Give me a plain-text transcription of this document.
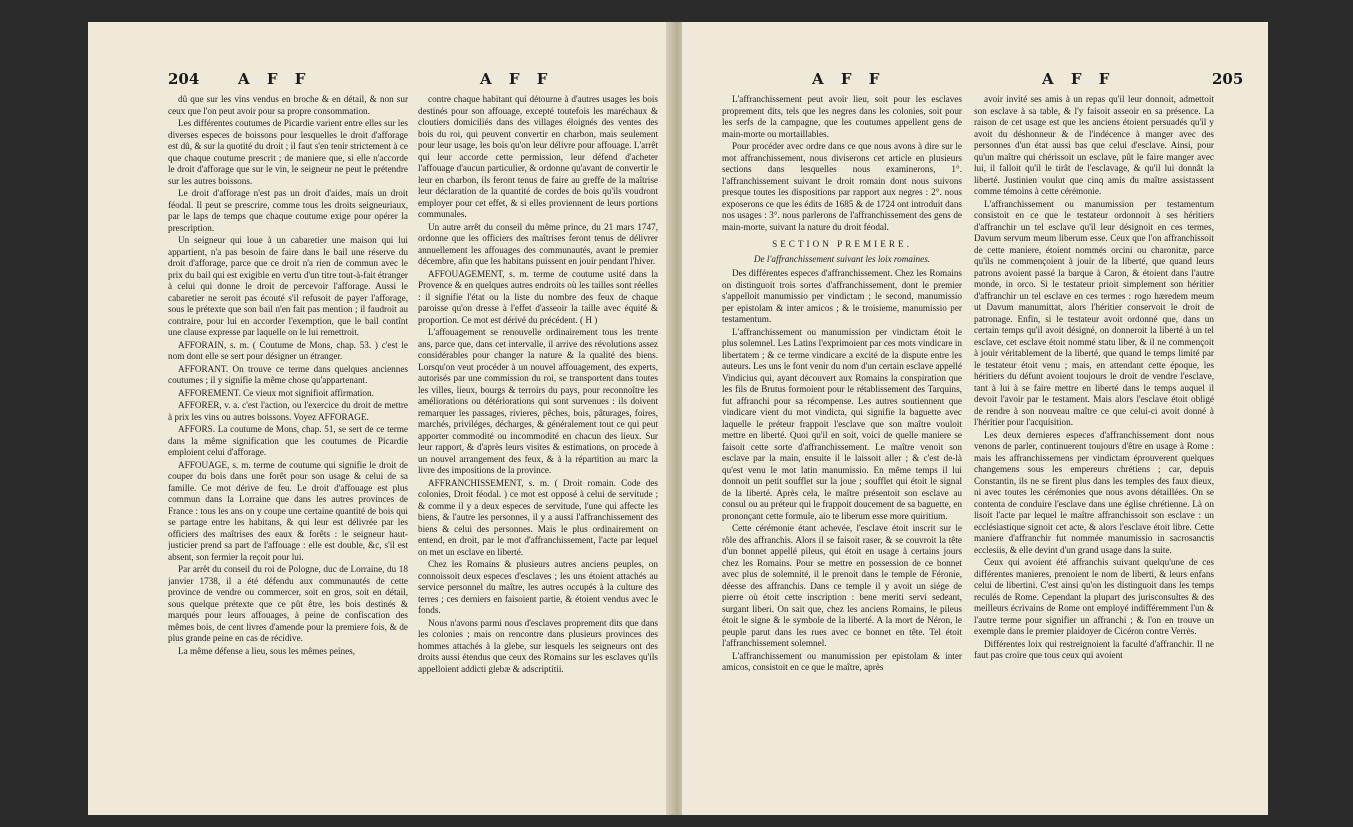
204	A F F	A F F

dû que sur les vins vendus en broche & en détail, & non sur ceux que l'on peut avoir pour sa propre consommation.

Les différentes coutumes de Picardie varient entre elles sur les diverses especes de boissons pour lesquelles le droit d'afforage est dû, & sur la quotité du droit ; il faut s'en tenir strictement à ce que chaque coutume prescrit ; de maniere que, si elle n'accorde le droit d'afforage que sur le vin, le seigneur ne peut le prétendre sur les autres boissons.

Le droit d'afforage n'est pas un droit d'aides, mais un droit féodal. Il peut se prescrire, comme tous les droits seigneuriaux, par le laps de temps que chaque coutume exige pour opérer la prescription.

Un seigneur qui loue à un cabaretier une maison qui lui appartient, n'a pas besoin de faire dans le bail une réserve du droit d'afforage, parce que ce droit n'a rien de commun avec le prix du bail qui est exigible en vertu d'un titre tout-à-fait étranger à celui qui donne le droit de percevoir l'afforage. Aussi le cabaretier ne seroit pas écouté s'il refusoit de payer l'afforage, sous le prétexte que son bail n'en fait pas mention ; il faudroit au contraire, pour lui en accorder l'exemption, que le bail contînt une clause expresse par laquelle on le lui remettroit.

AFFORAIN, s. m. ( Coutume de Mons, chap. 53. ) c'est le nom dont elle se sert pour désigner un étranger.

AFFORANT. On trouve ce terme dans quelques anciennes coutumes ; il y signifie la même chose qu'appartenant.

AFFOREMENT. Ce vieux mot signifioit affirmation.

AFFORER, v. a. c'est l'action, ou l'exercice du droit de mettre à prix les vins ou autres boissons. Voyez AFFORAGE.

AFFORS. La coutume de Mons, chap. 51, se sert de ce terme dans la même signification que les coutumes de Picardie emploient celui d'afforage.

AFFOUAGE, s. m. terme de coutume qui signifie le droit de couper du bois dans une forêt pour son usage & celui de sa famille. Ce mot dérive de feu. Le droit d'affouage est plus commun dans la Lorraine que dans les autres provinces de France : tous les ans on y coupe une certaine quantité de bois qui se partage entre les habitans, & qui leur est délivrée par les officiers des maîtrises des eaux & forêts : le seigneur haut-justicier prend sa part de l'affouage : elle est double, &c, s'il est absent, son fermier la reçoit pour lui.

Par arrêt du conseil du roi de Pologne, duc de Lorraine, du 18 janvier 1738, il a été défendu aux communautés de cette province de vendre ou commercer, soit en gros, soit en détail, sous quelque prétexte que ce pût être, les bois destinés & marqués pour leurs affouages, à peine de confiscation des mêmes bois, de cent livres d'amende pour la premiere fois, & de plus grande peine en cas de récidive.

La même défense a lieu, sous les mêmes peines,

contre chaque habitant qui détourne à d'autres usages les bois destinés pour son affouage, excepté toutefois les maréchaux & cloutiers domiciliés dans des villages éloignés des ventes des bois du roi, qui peuvent convertir en charbon, mais seulement pour leur usage, les bois qu'on leur délivre pour affouage. L'arrêt qui leur accorde cette permission, leur défend d'acheter l'affouage d'aucun particulier, & ordonne qu'avant de convertir le leur en charbon, ils feront tenus de faire au greffe de la maîtrise leur déclaration de la quantité de cordes de bois qu'ils voudront employer pour cet effet, & si elles proviennent de leurs portions communales.

Un autre arrêt du conseil du même prince, du 21 mars 1747, ordonne que les officiers des maîtrises feront tenus de délivrer annuellement les affouages des communautés, avant le premier décembre, afin que les habitans puissent en jouir pendant l'hiver.

AFFOUAGEMENT, s. m. terme de coutume usité dans la Provence & en quelques autres endroits où les tailles sont réelles : il signifie l'état ou la liste du nombre des feux de chaque paroisse qu'on dresse à l'effet d'asseoir la taille avec équité & proportion. Ce mot est dérivé du précédent. ( H )

L'affouagement se renouvelle ordinairement tous les trente ans, parce que, dans cet intervalle, il arrive des révolutions assez considérables pour changer la nature & la qualité des biens. Lorsqu'on veut procéder à un nouvel affouagement, des experts, autorisés par une commission du roi, se transportent dans toutes les villes, lieux, bourgs & terroirs du pays, pour reconnoître les améliorations ou détériorations qui sont survenues : ils doivent remarquer les passages, rivieres, pêches, bois, pâturages, foires, marchés, priviléges, décharges, & généralement tout ce qui peut apporter commodité ou incommodité en chacun des lieux. Sur leur rapport, & d'après leurs visites & estimations, on procede à un nouvel arrangement des feux, & à la répartition au marc la livre des impositions de la province.

AFFRANCHISSEMENT, s. m. ( Droit romain. Code des colonies, Droit féodal. ) ce mot est opposé à celui de servitude ; & comme il y a deux especes de servitude, l'une qui affecte les biens, & l'autre les personnes, il y a aussi l'affranchissement des biens & celui des personnes. Mais le plus ordinairement on entend, en droit, par le mot d'affranchissement, l'acte par lequel on met un esclave en liberté.

Chez les Romains & plusieurs autres anciens peuples, on connoissoit deux especes d'esclaves ; les uns étoient attachés au service personnel du maître, les autres occupés à la culture des terres ; ces derniers en faisoient partie, & étoient vendus avec le fonds.

Nous n'avons parmi nous d'esclaves proprement dits que dans les colonies ; mais on rencontre dans plusieurs provinces des hommes attachés à la glebe, sur lesquels les seigneurs ont des droits aussi étendus que ceux des Romains sur les esclaves qu'ils appelloient addicti glebæ & adscriptitii.

A F F	A F F	205

L'affranchissement peut avoir lieu, soit pour les esclaves proprement dits, tels que les negres dans les colonies, soit pour les serfs de la campagne, que les coutumes appellent gens de main-morte ou mortaillables.

Pour procéder avec ordre dans ce que nous avons à dire sur le mot affranchissement, nous diviserons cet article en plusieurs sections dans lesquelles nous examinerons, 1°. l'affranchissement suivant le droit romain dont nous suivons presque toutes les dispositions par rapport aux negres : 2°. nous exposerons ce que les édits de 1685 & de 1724 ont introduit dans nos usages : 3°. nous parlerons de l'affranchissement des gens de main-morte, suivant la nature du droit féodal.

SECTION PREMIERE.

De l'affranchissement suivant les loix romaines.

Des différentes especes d'affranchissement. Chez les Romains on distinguoit trois sortes d'affranchissement, dont le premier s'appelloit manumissio per vindictam ; le second, manumissio per epistolam & inter amicos ; & le troisieme, manumissio per testamentum.

L'affranchissement ou manumission per vindictam étoit le plus solemnel. Les Latins l'exprimoient par ces mots vindicare in libertatem ; & ce terme vindicare a excité de la dispute entre les auteurs. Les uns le font venir du nom d'un certain esclave appellé Vindicius qui, ayant découvert aux Romains la conspiration que les fils de Brutus formoient pour le rétablissement des Tarquins, fut affranchi pour sa récompense. Les autres soutiennent que vindicare vient du mot vindicta, qui signifie la baguette avec laquelle le préteur frappoit l'esclave que son maître vouloit mettre en liberté. Quoi qu'il en soit, voici de quelle maniere se faisoit cette sorte d'affranchissement. Le maître venoit son esclave par la main, ensuite il le laissoit aller ; & c'est de-là qu'est venu le mot latin manumissio. En même temps il lui donnoit un petit soufflet sur la joue ; soufflet qui étoit le signal de la liberté. Après cela, le maître présentoit son esclave au consul ou au préteur qui le frappoit doucement de sa baguette, en prononçant cette formule, aio te liberum esse more quiritium.

Cette cérémonie étant achevée, l'esclave étoit inscrit sur le rôle des affranchis. Alors il se faisoit raser, & se couvroit la tête d'un bonnet appellé pileus, qui étoit en usage à certains jours chez les Romains. Pour se mettre en possession de ce bonnet avec plus de solemnité, il le prenoit dans le temple de Féronie, déesse des affranchis. Dans ce temple il y avoit un siége de pierre où étoit cette inscription : bene meriti servi sedeant, surgant liberi. On sait que, chez les anciens Romains, le pileus étoit le signe & le symbole de la liberté. A la mort de Néron, le peuple parut dans les rues avec ce bonnet en tête. Tel étoit l'affranchissement solemnel.

L'affranchissement ou manumission per epistolam & inter amicos, consistoit en ce que le maître, après

avoir invité ses amis à un repas qu'il leur donnoit, admettoit son esclave à sa table, & l'y faisoit asseoir en sa présence. La raison de cet usage est que les anciens étoient persuadés qu'il y avoit du déshonneur & de l'indécence à manger avec des personnes d'un état aussi bas que celui d'esclave. Ainsi, pour qu'un maître qui chérissoit un esclave, pût le faire manger avec lui, il falloit qu'il le tirât de l'esclavage, & qu'il lui donnât la liberté. Justinien voulut que cinq amis du maître assistassent comme témoins à cette cérémonie.

L'affranchissement ou manumission per testamentum consistoit en ce que le testateur ordonnoit à ses héritiers d'affranchir un tel esclave qu'il leur désignoit en ces termes, Davum servum meum liberum esse. Ceux que l'on affranchissoit de cette maniere, étoient nommés orcini ou charonitæ, parce qu'ils ne commençoient à jouir de la liberté, que quand leurs patrons avoient passé la barque à Caron, & étoient dans l'autre monde, in orco. Si le testateur prioit simplement son héritier d'affranchir un tel esclave en ces termes : rogo hæredem meum ut Davum manumittat, alors l'héritier conservoit le droit de patronage. Enfin, si le testateur avoit ordonné que, dans un certain temps qu'il avoit désigné, on donneroit la liberté à un tel esclave, cet esclave étoit nommé statu liber, & il ne commençoit à jouir véritablement de la liberté, que quand le temps limité par le testateur étoit venu ; mais, en attendant cette époque, les héritiers du défunt avoient toujours le droit de vendre l'esclave, tant à lui à se faire mettre en liberté dans le temps auquel il devoit l'avoir par le testament. Mais alors l'esclave étoit obligé de rendre à son nouveau maître ce que celui-ci avoit donné à l'héritier pour l'acquisition.

Les deux dernieres especes d'affranchissement dont nous venons de parler, continuerent toujours d'être en usage à Rome : mais les affranchissemens per vindictam éprouverent quelques changemens sous les empereurs chrétiens ; car, depuis Constantin, ils ne se firent plus dans les temples des faux dieux, ni avec toutes les cérémonies que nous avons détaillées. On se contenta de conduire l'esclave dans une église chrétienne. Là on lisoit l'acte par lequel le maître affranchissoit son esclave : un ecclésiastique signoit cet acte, & alors l'esclave étoit libre. Cette maniere d'affranchir fut nommée manumissio in sacrosanctis ecclesiis, & elle devint d'un grand usage dans la suite.

Ceux qui avoient été affranchis suivant quelqu'une de ces différentes manieres, prenoient le nom de liberti, & leurs enfans celui de libertini. C'est ainsi qu'on les distinguoit dans les temps reculés de Rome. Cependant la plupart des jurisconsultes & des meilleurs écrivains de Rome ont employé indifféremment l'un & l'autre terme pour signifier un affranchi ; & l'on en trouve un exemple dans le premier plaidoyer de Cicéron contre Verrès.

Différentes loix qui restreignoient la faculté d'affranchir. Il ne faut pas croire que tous ceux qui avoient
